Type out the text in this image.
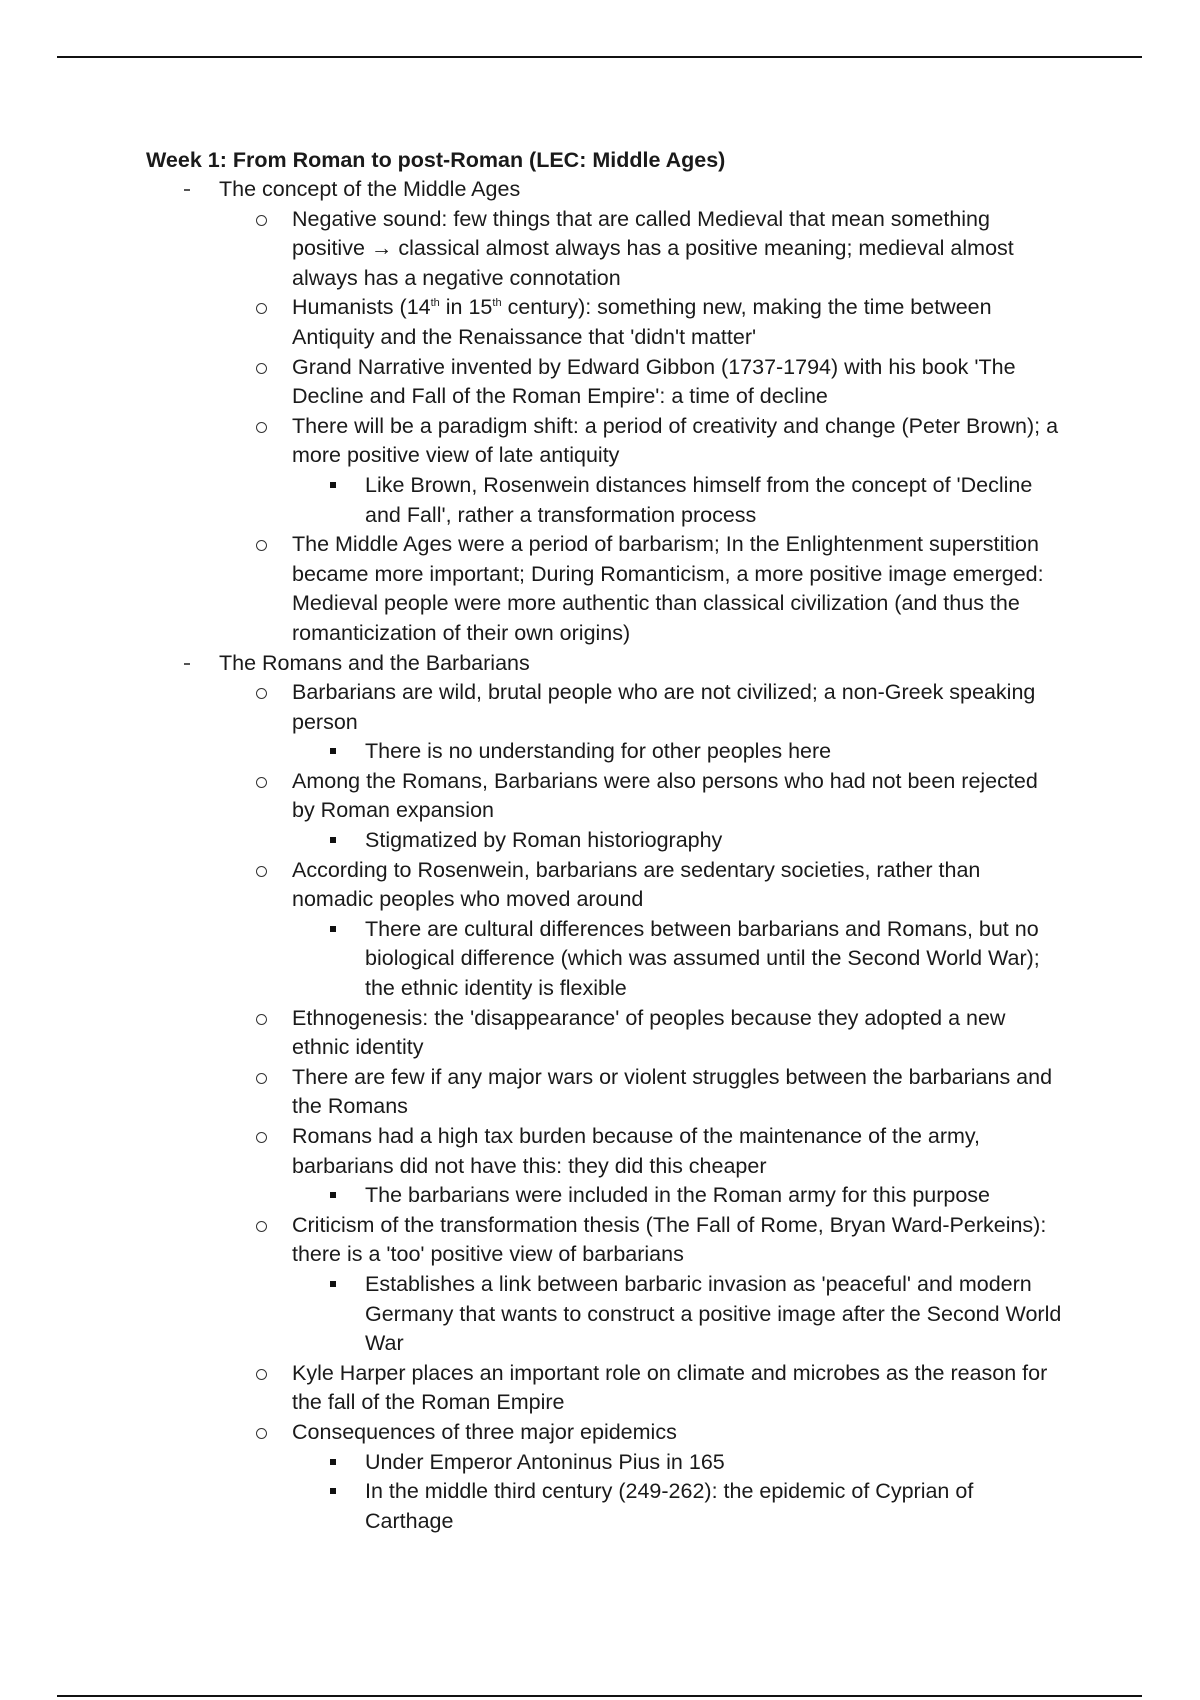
Week 1: From Roman to post-Roman (LEC: Middle Ages)

The concept of the Middle Ages
Negative sound: few things that are called Medieval that mean something positive → classical almost always has a positive meaning; medieval almost always has a negative connotation
Humanists (14th in 15th century): something new, making the time between Antiquity and the Renaissance that 'didn't matter'
Grand Narrative invented by Edward Gibbon (1737-1794) with his book 'The Decline and Fall of the Roman Empire': a time of decline
There will be a paradigm shift: a period of creativity and change (Peter Brown); a more positive view of late antiquity
Like Brown, Rosenwein distances himself from the concept of 'Decline and Fall', rather a transformation process
The Middle Ages were a period of barbarism; In the Enlightenment superstition became more important; During Romanticism, a more positive image emerged: Medieval people were more authentic than classical civilization (and thus the romanticization of their own origins)
The Romans and the Barbarians
Barbarians are wild, brutal people who are not civilized; a non-Greek speaking person
There is no understanding for other peoples here
Among the Romans, Barbarians were also persons who had not been rejected by Roman expansion
Stigmatized by Roman historiography
According to Rosenwein, barbarians are sedentary societies, rather than nomadic peoples who moved around
There are cultural differences between barbarians and Romans, but no biological difference (which was assumed until the Second World War); the ethnic identity is flexible
Ethnogenesis: the 'disappearance' of peoples because they adopted a new ethnic identity
There are few if any major wars or violent struggles between the barbarians and the Romans
Romans had a high tax burden because of the maintenance of the army, barbarians did not have this: they did this cheaper
The barbarians were included in the Roman army for this purpose
Criticism of the transformation thesis (The Fall of Rome, Bryan Ward-Perkeins): there is a 'too' positive view of barbarians
Establishes a link between barbaric invasion as 'peaceful' and modern Germany that wants to construct a positive image after the Second World War
Kyle Harper places an important role on climate and microbes as the reason for the fall of the Roman Empire
Consequences of three major epidemics
Under Emperor Antoninus Pius in 165
In the middle third century (249-262): the epidemic of Cyprian of Carthage
